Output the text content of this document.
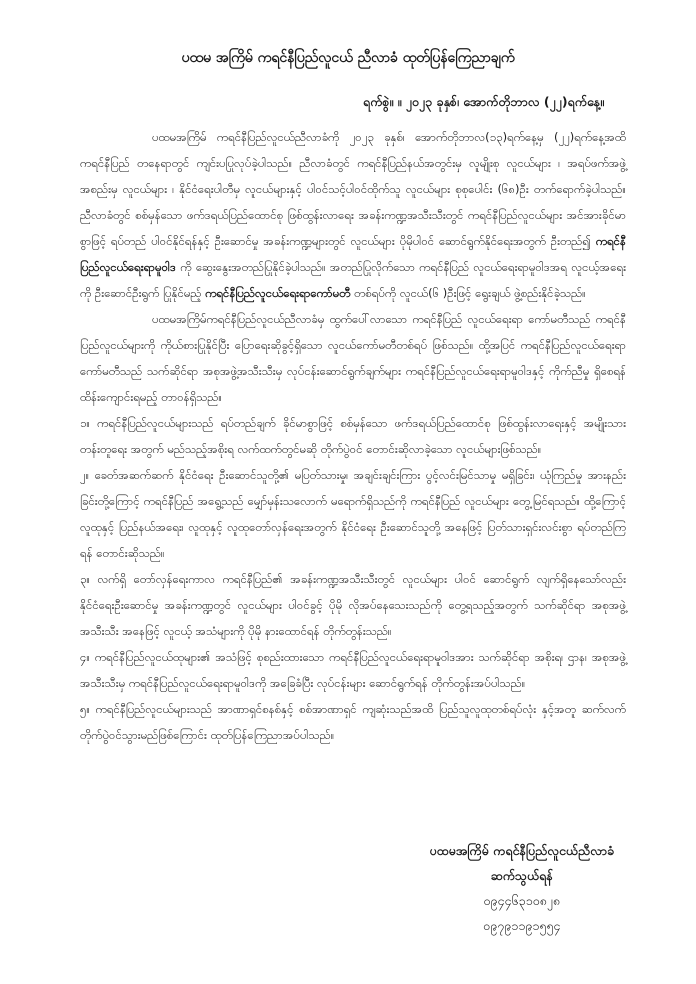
ပထမ အကြိမ် ကရင်နီပြည်လူငယ် ညီလာခံ ထုတ်ပြန်ကြေညာချက်
ရက်စွဲ။ ။ ၂၀၂၃ ခုနှစ်၊ အောက်တိုဘာလ (၂၂)ရက်နေ့။

ပထမအကြိမ် ကရင်နီပြည်လူငယ်ညီလာခံကို ၂၀၂၃ ခုနှစ်၊ အောက်တိုဘာလ(၁၃)ရက်နေ့မှ (၂၂)ရက်နေ့အထိ ကရင်နီပြည် တနေရာတွင် ကျင်းပပြုလုပ်ခဲ့ပါသည်။ ညီလာခံတွင် ကရင်နီပြည်နယ်အတွင်းမှ လူမျိုးစု လူငယ်များ ၊ အရပ်ဖက်အဖွဲ့အစည်းမှ လူငယ်များ ၊ နိုင်ငံရေးပါတီမှ လူငယ်များနှင့် ပါဝင်သင့်ပါဝင်ထိုက်သူ လူငယ်များ စုစုပေါင်း (၆၈)ဦး တက်ရောက်ခဲ့ပါသည်။ ညီလာခံတွင် စစ်မှန်သော ဖက်ဒရယ်ပြည်ထောင်စု ဖြစ်ထွန်းလာရေး အခန်းကဏ္ဍအသီးသီးတွင် ကရင်နီပြည်လူငယ်များ အင်အားခိုင်မာစွာဖြင့် ရပ်တည် ပါဝင်နိုင်ရန်နှင့် ဦးဆောင်မှု အခန်းကဏ္ဍများတွင် လူငယ်များ ပိုမိုပါဝင် ဆောင်ရွက်နိုင်ရေးအတွက် ဦးတည်၍ ကရင်နီပြည်လူငယ်ရေးရာမူဝါဒ ကို ဆွေးနွေးအတည်ပြုနိုင်ခဲ့ပါသည်။ အတည်ပြုလိုက်သော ကရင်နီပြည် လူငယ်ရေးရာမူဝါဒအရ လူငယ့်အရေးကို ဦးဆောင်ဦးရွက် ပြုနိုင်မည့် ကရင်နီပြည်လူငယ်ရေးရာကော်မတီ တစ်ရပ်ကို လူငယ်(၆ )ဦးဖြင့် ရွေးချယ် ဖွဲ့စည်းနိုင်ခဲ့သည်။

ပထမအကြိမ်ကရင်နီပြည်လူငယ်ညီလာခံမှ ထွက်ပေါ်လာသော ကရင်နီပြည် လူငယ်ရေးရာ ကော်မတီသည် ကရင်နီပြည်လူငယ်များကို ကိုယ်စားပြုနိုင်ပြီး ပြောရေးဆိုခွင့်ရှိသော လူငယ်ကော်မတီတစ်ရပ် ဖြစ်သည်။ ထို့အပြင် ကရင်နီပြည်လူငယ်ရေးရာကော်မတီသည် သက်ဆိုင်ရာ အစုအဖွဲ့အသီးသီးမှ လုပ်ငန်းဆောင်ရွက်ချက်များ ကရင်နီပြည်လူငယ်ရေးရာမူဝါဒနှင့် ကိုက်ညီမှု ရှိစေရန် ထိန်းကျောင်းရမည့် တာဝန်ရှိသည်။

၁။ ကရင်နီပြည်လူငယ်များသည် ရပ်တည်ချက် ခိုင်မာစွာဖြင့် စစ်မှန်သော ဖက်ဒရယ်ပြည်ထောင်စု ဖြစ်ထွန်းလာရေးနှင့် အမျိုးသားတန်းတူရေး အတွက် မည်သည့်အစိုးရ လက်ထက်တွင်မဆို တိုက်ပွဲဝင် တောင်းဆိုလာခဲ့သော လူငယ်များဖြစ်သည်။

၂။ ခေတ်အဆက်ဆက် နိုင်ငံရေး ဦးဆောင်သူတို့၏ မပြတ်သားမှု၊ အချင်းချင်းကြား ပွင့်လင်းမြင်သာမှု မရှိခြင်း၊ ယုံကြည်မှု အားနည်းခြင်းတို့ကြောင့် ကရင်နီပြည် အရွေ့သည် မျှော်မှန်းသလောက် မရောက်ရှိသည်ကို ကရင်နီပြည် လူငယ်များ တွေ့မြင်ရသည်။ ထို့ကြောင့် လူထုနှင့် ပြည်နယ်အရေး၊ လူထုနှင့် လူထုတော်လှန်ရေးအတွက် နိုင်ငံရေး ဦးဆောင်သူတို့ အနေဖြင့် ပြတ်သားရှင်းလင်းစွာ ရပ်တည်ကြရန် တောင်းဆိုသည်။

၃။ လက်ရှိ တော်လှန်ရေးကာလ ကရင်နီပြည်၏ အခန်းကဏ္ဍအသီးသီးတွင် လူငယ်များ ပါဝင် ဆောင်ရွက် လျက်ရှိနေသော်လည်း နိုင်ငံရေးဦးဆောင်မှု အခန်းကဏ္ဍတွင် လူငယ်များ ပါဝင်ခွင့် ပိုမို လိုအပ်နေသေးသည်ကို တွေ့ရသည့်အတွက် သက်ဆိုင်ရာ အစုအဖွဲ့အသီးသီး အနေဖြင့် လူငယ့် အသံများကို ပိုမို နားထောင်ရန် တိုက်တွန်းသည်။

၄။ ကရင်နီပြည်လူငယ်ထုများ၏ အသံဖြင့် စုစည်းထားသော ကရင်နီပြည်လူငယ်ရေးရာမူဝါဒအား သက်ဆိုင်ရာ အစိုးရ၊ ဌာန၊ အစုအဖွဲ့ အသီးသီးမှ ကရင်နီပြည်လူငယ်ရေးရာမူဝါဒကို အခြေခံပြီး လုပ်ငန်းများ ဆောင်ရွက်ရန် တိုက်တွန်းအပ်ပါသည်။

၅။ ကရင်နီပြည်လူငယ်များသည် အာဏာရှင်စနစ်နှင့် စစ်အာဏာရှင် ကျဆုံးသည်အထိ ပြည်သူလူထုတစ်ရပ်လုံး နှင့်အတူ ဆက်လက်တိုက်ပွဲဝင်သွားမည်ဖြစ်ကြောင်း ထုတ်ပြန်ကြေညာအပ်ပါသည်။

ပထမအကြိမ် ကရင်နီပြည်လူငယ်ညီလာခံ
ဆက်သွယ်ရန်
၀၉၄၄၆၃၁၀၈၂၈
၀၉၇၉၁၁၉၁၅၅၄
